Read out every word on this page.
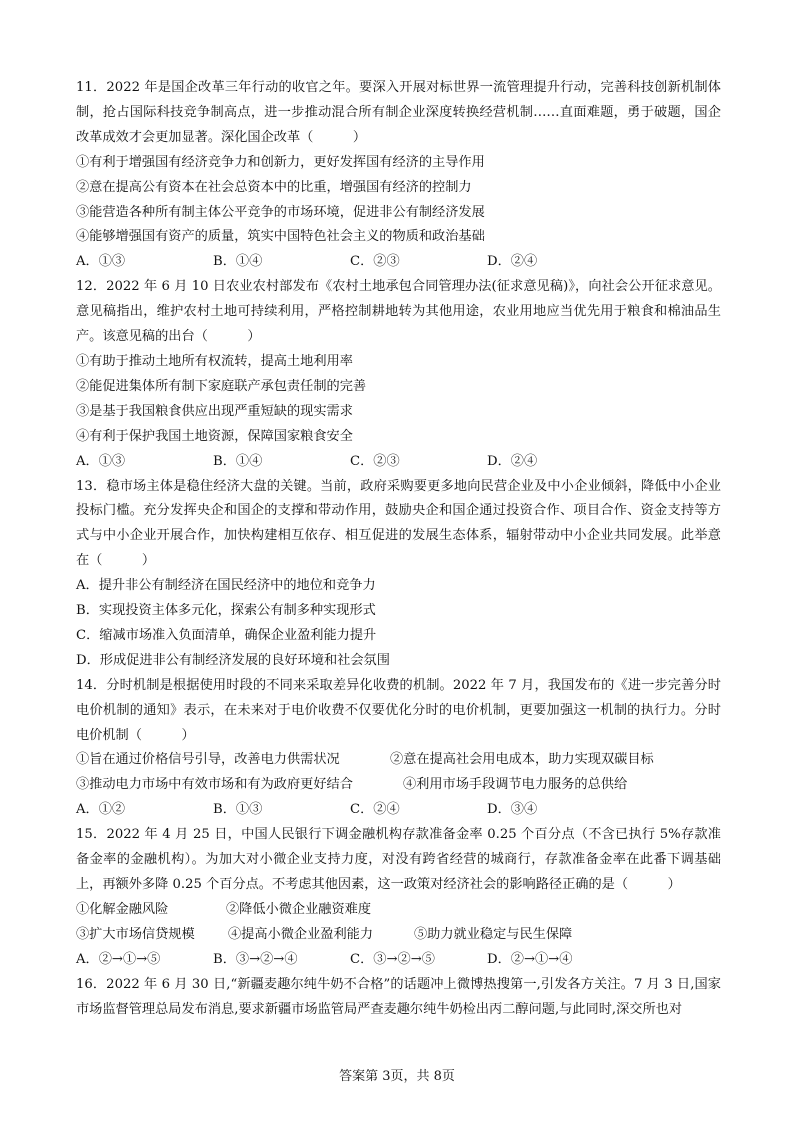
11．2022 年是国企改革三年行动的收官之年。要深入开展对标世界一流管理提升行动，完善科技创新机制体制，抢占国际科技竞争制高点，进一步推动混合所有制企业深度转换经营机制……直面难题，勇于破题，国企改革成效才会更加显著。深化国企改革（　　　）
①有利于增强国有经济竞争力和创新力，更好发挥国有经济的主导作用
②意在提高公有资本在社会总资本中的比重，增强国有经济的控制力
③能营造各种所有制主体公平竞争的市场环境，促进非公有制经济发展
④能够增强国有资产的质量，筑实中国特色社会主义的物质和政治基础
A．①③	B．①④	C．②③	D．②④
12．2022 年 6 月 10 日农业农村部发布《农村土地承包合同管理办法(征求意见稿)》，向社会公开征求意见。意见稿指出，维护农村土地可持续利用，严格控制耕地转为其他用途，农业用地应当优先用于粮食和棉油品生产。该意见稿的出台（　　　）
①有助于推动土地所有权流转，提高土地利用率
②能促进集体所有制下家庭联产承包责任制的完善
③是基于我国粮食供应出现严重短缺的现实需求
④有利于保护我国土地资源，保障国家粮食安全
A．①③	B．①④	C．②③	D．②④
13．稳市场主体是稳住经济大盘的关键。当前，政府采购要更多地向民营企业及中小企业倾斜，降低中小企业投标门槛。充分发挥央企和国企的支撑和带动作用，鼓励央企和国企通过投资合作、项目合作、资金支持等方式与中小企业开展合作，加快构建相互依存、相互促进的发展生态体系，辐射带动中小企业共同发展。此举意在（　　　）
A．提升非公有制经济在国民经济中的地位和竞争力
B．实现投资主体多元化，探索公有制多种实现形式
C．缩减市场准入负面清单，确保企业盈利能力提升
D．形成促进非公有制经济发展的良好环境和社会氛围
14．分时机制是根据使用时段的不同来采取差异化收费的机制。2022 年 7 月，我国发布的《进一步完善分时电价机制的通知》表示，在未来对于电价收费不仅要优化分时的电价机制，更要加强这一机制的执行力。分时电价机制（　　　）
①旨在通过价格信号引导，改善电力供需状况	②意在提高社会用电成本，助力实现双碳目标
③推动电力市场中有效市场和有为政府更好结合	④利用市场手段调节电力服务的总供给
A．①②	B．①③	C．②④	D．③④
15．2022 年 4 月 25 日，中国人民银行下调金融机构存款准备金率 0.25 个百分点（不含已执行 5%存款准备金率的金融机构）。为加大对小微企业支持力度，对没有跨省经营的城商行，存款准备金率在此番下调基础上，再额外多降 0.25 个百分点。不考虑其他因素，这一政策对经济社会的影响路径正确的是（　　　）
①化解金融风险	②降低小微企业融资难度
③扩大市场信贷规模	④提高小微企业盈利能力	⑤助力就业稳定与民生保障
A．②→①→⑤	B．③→②→④	C．③→②→⑤	D．②→①→④
16．2022 年 6 月 30 日,“新疆麦趣尔纯牛奶不合格”的话题冲上微博热搜第一,引发各方关注。7 月 3 日,国家市场监督管理总局发布消息,要求新疆市场监管局严查麦趣尔纯牛奶检出丙二醇问题,与此同时,深交所也对
答案第 3页，共 8页
